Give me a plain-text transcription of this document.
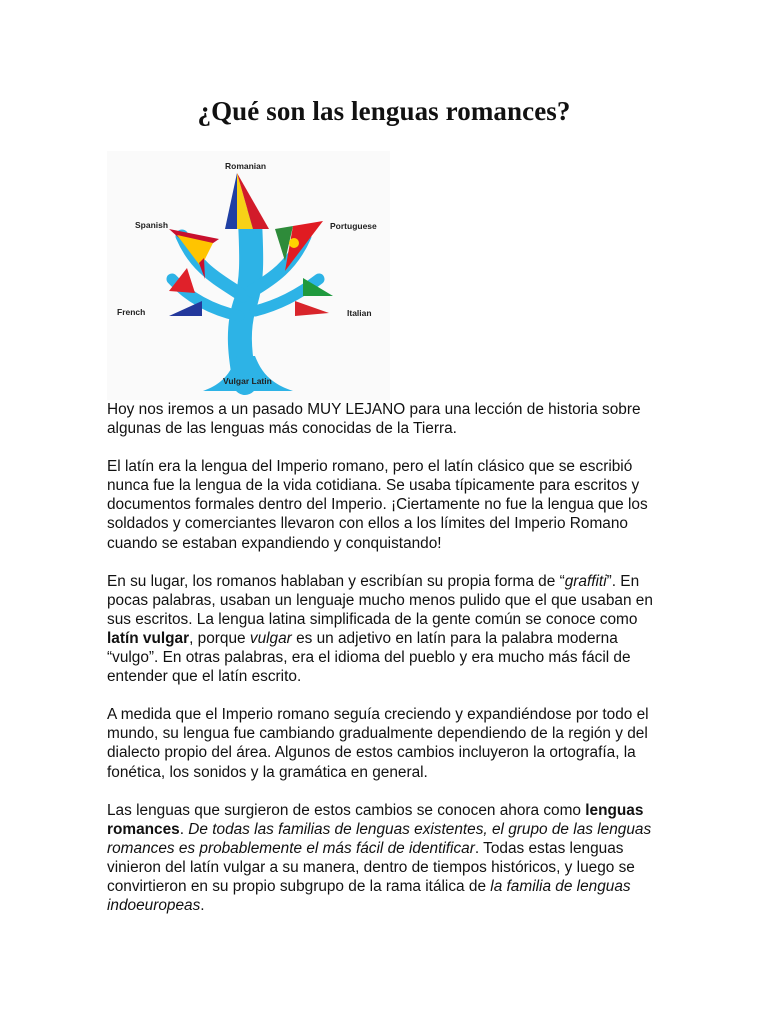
¿Qué son las lenguas romances?
Romanian
Spanish	Portuguese
French	Italian
Vulgar Latin

Hoy nos iremos a un pasado MUY LEJANO para una lección de historia sobre algunas de las lenguas más conocidas de la Tierra.

El latín era la lengua del Imperio romano, pero el latín clásico que se escribió nunca fue la lengua de la vida cotidiana. Se usaba típicamente para escritos y documentos formales dentro del Imperio. ¡Ciertamente no fue la lengua que los soldados y comerciantes llevaron con ellos a los límites del Imperio Romano cuando se estaban expandiendo y conquistando!

En su lugar, los romanos hablaban y escribían su propia forma de “graffiti”. En pocas palabras, usaban un lenguaje mucho menos pulido que el que usaban en sus escritos. La lengua latina simplificada de la gente común se conoce como latín vulgar, porque vulgar es un adjetivo en latín para la palabra moderna “vulgo”. En otras palabras, era el idioma del pueblo y era mucho más fácil de entender que el latín escrito.

A medida que el Imperio romano seguía creciendo y expandiéndose por todo el mundo, su lengua fue cambiando gradualmente dependiendo de la región y del dialecto propio del área. Algunos de estos cambios incluyeron la ortografía, la fonética, los sonidos y la gramática en general.

Las lenguas que surgieron de estos cambios se conocen ahora como lenguas romances. De todas las familias de lenguas existentes, el grupo de las lenguas romances es probablemente el más fácil de identificar. Todas estas lenguas vinieron del latín vulgar a su manera, dentro de tiempos históricos, y luego se convirtieron en su propio subgrupo de la rama itálica de la familia de lenguas indoeuropeas.
